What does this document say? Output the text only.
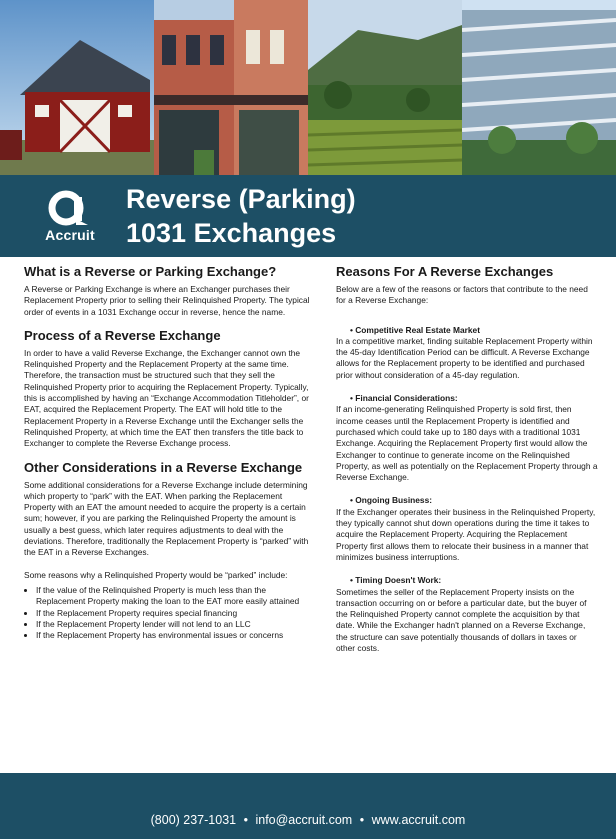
Accruit
Reverse (Parking)
1031 Exchanges
What is a Reverse or Parking Exchange?

A Reverse or Parking Exchange is where an Exchanger purchases their Replacement Property prior to selling their Relinquished Property. The typical order of events in a 1031 Exchange occur in reverse, hence the name.

Process of a Reverse Exchange

In order to have a valid Reverse Exchange, the Exchanger cannot own the Relinquished Property and the Replacement Property at the same time. Therefore, the transaction must be structured such that they sell the Relinquished Property prior to acquiring the Replacement Property. Typically, this is accomplished by having an “Exchange Accommodation Titleholder”, or EAT, acquired the Replacement Property. The EAT will hold title to the Replacement Property in a Reverse Exchange until the Exchanger sells the Relinquished Property, at which time the EAT then transfers the title back to Exchanger to complete the Reverse Exchange process.

Other Considerations in a Reverse Exchange

Some additional considerations for a Reverse Exchange include determining which property to “park” with the EAT. When parking the Replacement Property with an EAT the amount needed to acquire the property is a certain sum; however, if you are parking the Relinquished Property the amount is usually a best guess, which later requires adjustments to deal with the deviations. Therefore, traditionally the Replacement Property is “parked” with the EAT in a Reverse Exchanges.

Some reasons why a Relinquished Property would be “parked” include:

• If the value of the Relinquished Property is much less than the Replacement Property making the loan to the EAT more easily attained
• If the Replacement Property requires special financing
• If the Replacement Property lender will not lend to an LLC
• If the Replacement Property has environmental issues or concerns
Reasons For A Reverse Exchanges

Below are a few of the reasons or factors that contribute to the need for a Reverse Exchange:

• Competitive Real Estate Market

In a competitive market, finding suitable Replacement Property within the 45-day Identification Period can be difficult. A Reverse Exchange allows for the Replacement property to be identified and purchased prior without consideration of a 45-day regulation.

• Financial Considerations:

If an income-generating Relinquished Property is sold first, then income ceases until the Replacement Property is identified and purchased which could take up to 180 days with a traditional 1031 Exchange. Acquiring the Replacement Property first would allow the Exchanger to continue to generate income on the Relinquished Property, as well as potentially on the Replacement Property through a Reverse Exchange.

• Ongoing Business:

If the Exchanger operates their business in the Relinquished Property, they typically cannot shut down operations during the time it takes to acquire the Replacement Property. Acquiring the Replacement Property first allows them to relocate their business in a manner that minimizes business interruptions.

• Timing Doesn't Work:

Sometimes the seller of the Replacement Property insists on the transaction occurring on or before a particular date, but the buyer of the Relinquished Property cannot complete the acquisition by that date. While the Exchanger hadn't planned on a Reverse Exchange, the structure can save potentially thousands of dollars in taxes or other costs.

(800) 237-1031 • info@accruit.com • www.accruit.com
